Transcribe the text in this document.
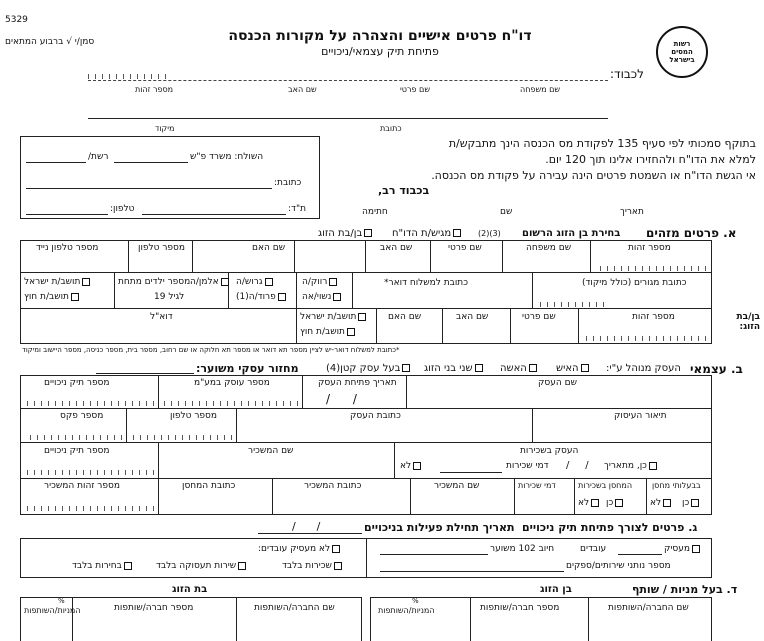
5329
סמן/י √ ברבוע המתאים	דו"ח פרטים אישיים והצהרה על מקורות הכנסה
פתיחת תיק עצמאי/ניכויים
רשות המסים בישראל
לכבוד:
שם משפחה
שם פרטי
שם האב
מספר זהות
כתובת
מיקוד
השולח: משרד פ"ש
רשת/
כתובת:
ת"ד:
טלפון:
בתוקף סמכותי לפי סעיף 135 לפקודת מס הכנסה הינך מתבקש/ת
למלא את הדו"ח ולהחזירו אלינו תוך 120 יום.
אי הגשת הדו"ח או השמטת פרטים הינה עבירה על פקודת מס הכנסה.
בכבוד רב,
תאריך
שם
חתימה
א. פרטים מזהים
בחירת בן הזוג הרשום
(3)(2)
מגיש/ת הדו"ח
בן/בת הזוג
מספר זהות
שם משפחה
שם פרטי
שם האב
שם האם
מספר טלפון
מספר טלפון נייד
כתובת מגורים (כולל מיקוד)
כתובת למשלוח דואר*
רווק/ה
נשוי/אה
גרוש/ה
פרוד/ה(1)
אלמן/ה
מספר ילדים מתחת
לגיל 19
תושב/ת ישראל
תושב/ת חוץ
בן/בת הזוג:
מספר זהות
שם פרטי
שם האב
שם האם
תושב/ת ישראל
תושב/ת חוץ
דוא"ל
*כתובת למשלוח דואר-יש לציין מספר תא דואר או מספר תא חלוקה או שם רחוב, מספר בית, מספר כניסה, מספר היישוב ומיקוד
ב. עצמאי
העסק מנוהל ע"י:
האיש
האשה
שני בני הזוג
בעל עסק קטן(4)
מחזור עסקי משוער:
שם העסק
תאריך פתיחת העסק
/      /
מספר עוסק במע"מ
מספר תיק ניכויים
תיאור העיסוק
כתובת העסק
מספר טלפון
מספר פקס
העסק בשכירות
כן, מתאריך
/     /
דמי שכירות
לא
שם המשכיר
מספר תיק ניכויים
בבעלותי מחסן
כן
לא
המחסן בשכירות
כן
לא
דמי שכירות
שם המשכיר
כתובת המשכיר
כתובת המחסן
מספר זהות המשכיר
ג. פרטים לצורך פתיחת תיק ניכויים
תאריך תחילת פעילות בניכויים
/      /
מעסיק
עובדים
חיוב 102 משוער
מספר נותני שירותים/ספקים
לא מעסיק עובדים:
שכירות בלבד
שירות תעסוקה בלבד
בחירות בלבד
ד. בעל מניות / שותף
בן הזוג
בת הזוג
שם החברה/השותפות
מספר חברה/שותפות
%
המניות/השותפות
שם החברה/השותפות
מספר חברה/שותפות
%
המניות/השותפות
